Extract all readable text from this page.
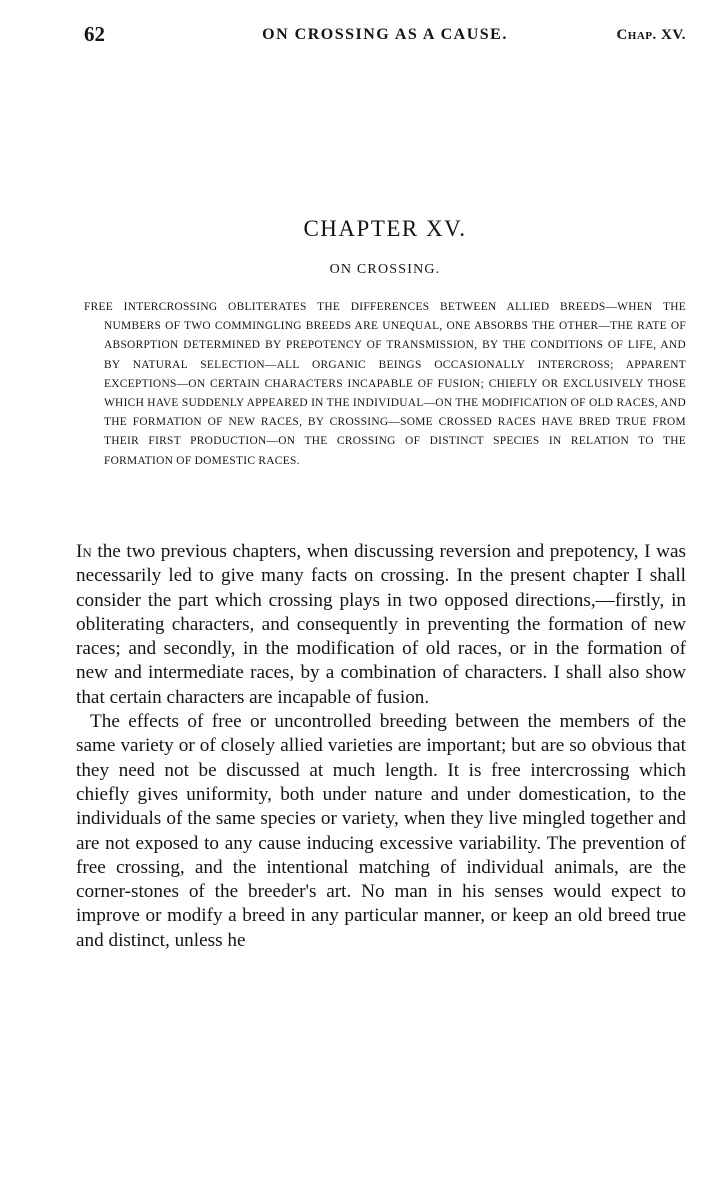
62	ON CROSSING AS A CAUSE.	Chap. XV.
CHAPTER XV.
ON CROSSING.

FREE INTERCROSSING OBLITERATES THE DIFFERENCES BETWEEN ALLIED BREEDS—WHEN THE NUMBERS OF TWO COMMINGLING BREEDS ARE UNEQUAL, ONE ABSORBS THE OTHER—THE RATE OF ABSORPTION DETERMINED BY PREPOTENCY OF TRANSMISSION, BY THE CONDITIONS OF LIFE, AND BY NATURAL SELECTION—ALL ORGANIC BEINGS OCCASIONALLY INTERCROSS; APPARENT EXCEPTIONS—ON CERTAIN CHARACTERS INCAPABLE OF FUSION; CHIEFLY OR EXCLUSIVELY THOSE WHICH HAVE SUDDENLY APPEARED IN THE INDIVIDUAL—ON THE MODIFICATION OF OLD RACES, AND THE FORMATION OF NEW RACES, BY CROSSING—SOME CROSSED RACES HAVE BRED TRUE FROM THEIR FIRST PRODUCTION—ON THE CROSSING OF DISTINCT SPECIES IN RELATION TO THE FORMATION OF DOMESTIC RACES.

In the two previous chapters, when discussing reversion and prepotency, I was necessarily led to give many facts on crossing. In the present chapter I shall consider the part which crossing plays in two opposed directions,—firstly, in obliterating characters, and consequently in preventing the formation of new races; and secondly, in the modification of old races, or in the formation of new and intermediate races, by a combination of characters. I shall also show that certain characters are incapable of fusion.

The effects of free or uncontrolled breeding between the members of the same variety or of closely allied varieties are important; but are so obvious that they need not be discussed at much length. It is free intercrossing which chiefly gives uniformity, both under nature and under domestication, to the individuals of the same species or variety, when they live mingled together and are not exposed to any cause inducing excessive variability. The prevention of free crossing, and the intentional matching of individual animals, are the corner-stones of the breeder's art. No man in his senses would expect to improve or modify a breed in any particular manner, or keep an old breed true and distinct, unless he
